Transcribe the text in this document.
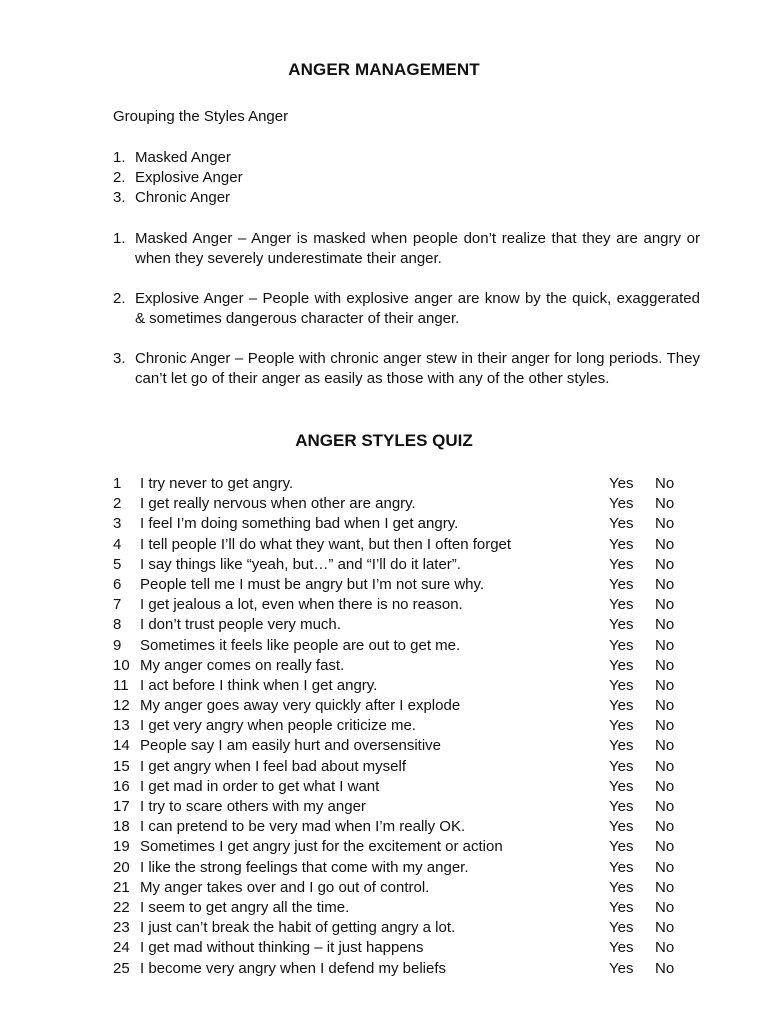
ANGER MANAGEMENT
Grouping the Styles Anger
1. Masked Anger
2. Explosive Anger
3. Chronic Anger
1. Masked Anger – Anger is masked when people don’t realize that they are angry or when they severely underestimate their anger.
2. Explosive Anger – People with explosive anger are know by the quick, exaggerated & sometimes dangerous character of their anger.
3. Chronic Anger – People with chronic anger stew in their anger for long periods. They can’t let go of their anger as easily as those with any of the other styles.
ANGER STYLES QUIZ
1 I try never to get angry.	Yes No
2 I get really nervous when other are angry.	Yes No
3 I feel I’m doing something bad when I get angry.	Yes No
4 I tell people I’ll do what they want, but then I often forget	Yes No
5 I say things like “yeah, but…” and “I’ll do it later”.	Yes No
6 People tell me I must be angry but I’m not sure why.	Yes No
7 I get jealous a lot, even when there is no reason.	Yes No
8 I don’t trust people very much.	Yes No
9 Sometimes it feels like people are out to get me.	Yes No
10 My anger comes on really fast.	Yes No
11 I act before I think when I get angry.	Yes No
12 My anger goes away very quickly after I explode	Yes No
13 I get very angry when people criticize me.	Yes No
14 People say I am easily hurt and oversensitive	Yes No
15 I get angry when I feel bad about myself	Yes No
16 I get mad in order to get what I want	Yes No
17 I try to scare others with my anger	Yes No
18 I can pretend to be very mad when I’m really OK.	Yes No
19 Sometimes I get angry just for the excitement or action	Yes No
20 I like the strong feelings that come with my anger.	Yes No
21 My anger takes over and I go out of control.	Yes No
22 I seem to get angry all the time.	Yes No
23 I just can’t break the habit of getting angry a lot.	Yes No
24 I get mad without thinking – it just happens	Yes No
25 I become very angry when I defend my beliefs	Yes No
